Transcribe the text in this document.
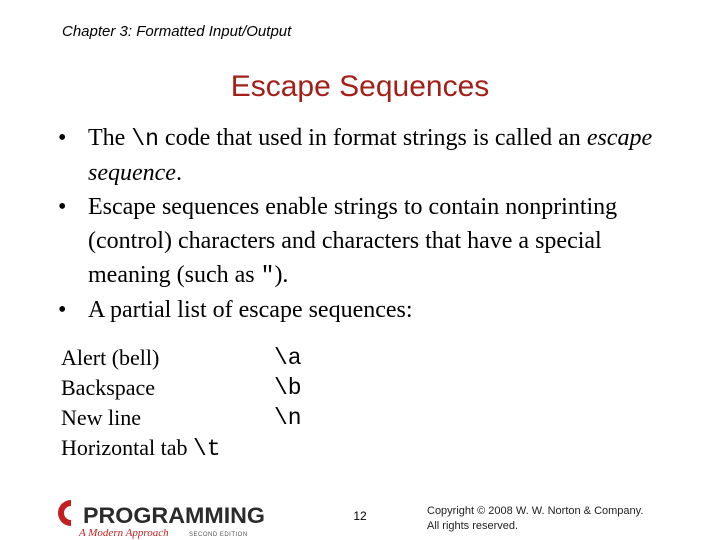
Chapter 3: Formatted Input/Output
Escape Sequences
• The \n code that used in format strings is called an escape sequence.
• Escape sequences enable strings to contain nonprinting (control) characters and characters that have a special meaning (such as ").
• A partial list of escape sequences:
Alert (bell)	\a
Backspace	\b
New line	\n
Horizontal tab \t
PROGRAMMING
A Modern Approach	SECOND EDITION
12	Copyright © 2008 W. W. Norton & Company.
All rights reserved.
